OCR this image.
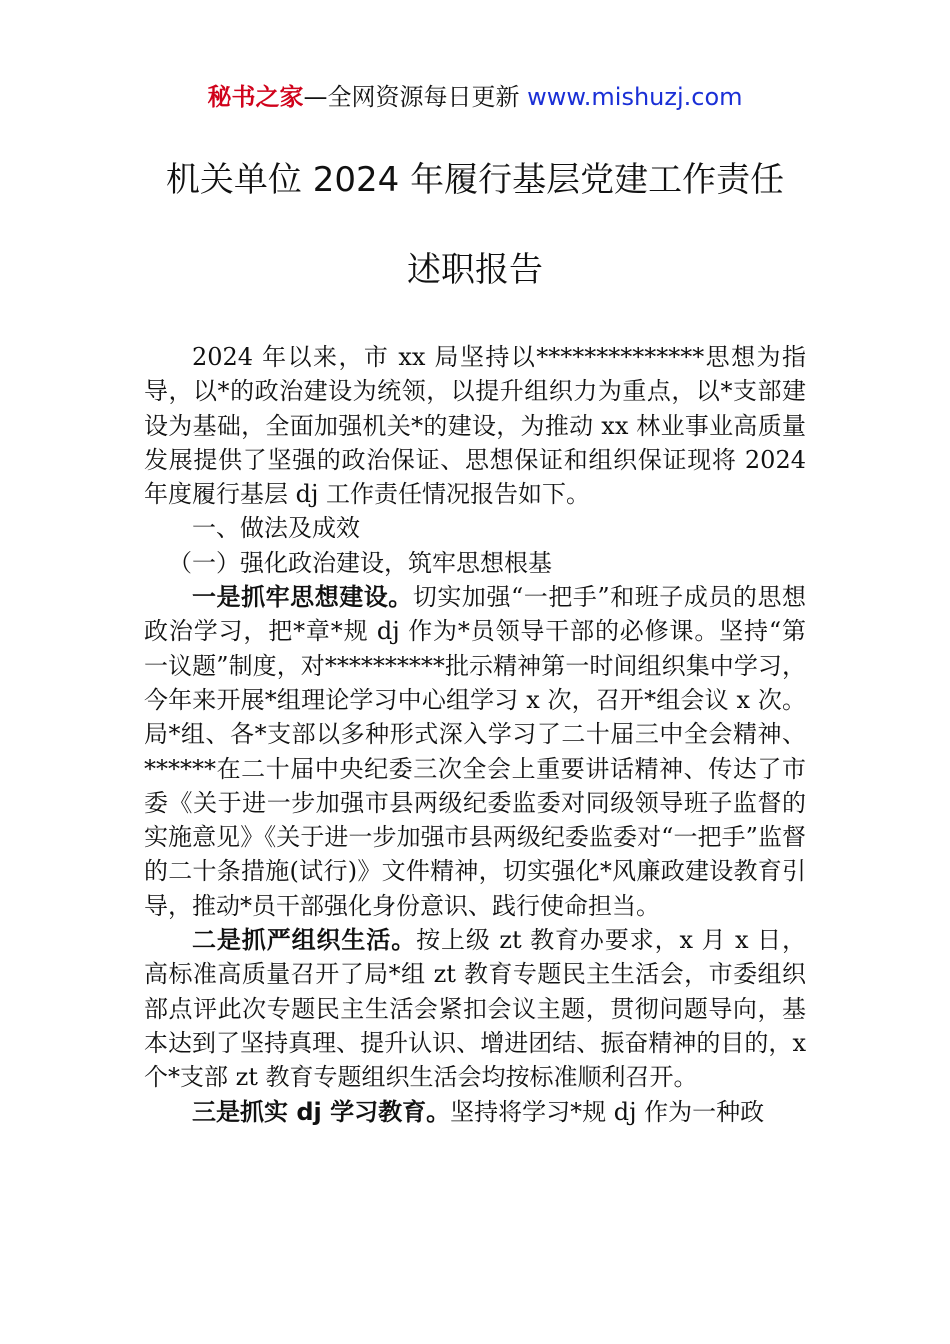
秘书之家—全网资源每日更新 www.mishuzj.com
机关单位 2024 年履行基层党建工作责任
述职报告

2024 年以来，市 xx 局坚持以**************思想为指导，以*的政治建设为统领，以提升组织力为重点，以*支部建设为基础，全面加强机关*的建设，为推动 xx 林业事业高质量发展提供了坚强的政治保证、思想保证和组织保证现将 2024 年度履行基层 dj 工作责任情况报告如下。

一、做法及成效

（一）强化政治建设，筑牢思想根基

一是抓牢思想建设。切实加强“一把手”和班子成员的思想政治学习，把*章*规 dj 作为*员领导干部的必修课。坚持“第一议题”制度，对**********批示精神第一时间组织集中学习，今年来开展*组理论学习中心组学习 x 次，召开*组会议 x 次。局*组、各*支部以多种形式深入学习了二十届三中全会精神、******在二十届中央纪委三次全会上重要讲话精神、传达了市委《关于进一步加强市县两级纪委监委对同级领导班子监督的实施意见》《关于进一步加强市县两级纪委监委对“一把手”监督的二十条措施(试行)》文件精神，切实强化*风廉政建设教育引导，推动*员干部强化身份意识、践行使命担当。

二是抓严组织生活。按上级 zt 教育办要求，x 月 x 日，高标准高质量召开了局*组 zt 教育专题民主生活会，市委组织部点评此次专题民主生活会紧扣会议主题，贯彻问题导向，基本达到了坚持真理、提升认识、增进团结、振奋精神的目的，x 个*支部 zt 教育专题组织生活会均按标准顺利召开。

三是抓实 dj 学习教育。坚持将学习*规 dj 作为一种政
